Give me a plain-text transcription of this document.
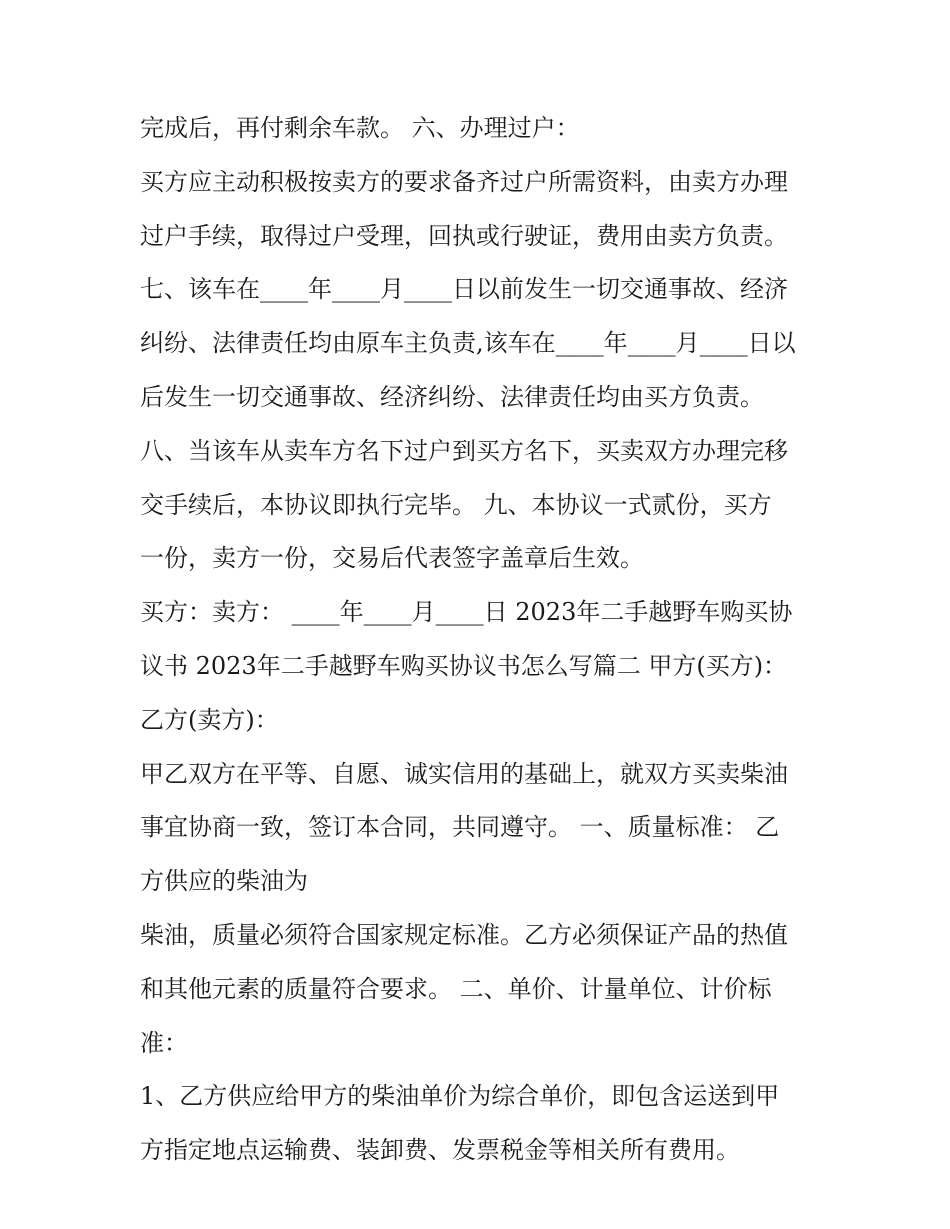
完成后，再付剩余车款。 六、办理过户：
买方应主动积极按卖方的要求备齐过户所需资料，由卖方办理
过户手续，取得过户受理，回执或行驶证，费用由卖方负责。
七、该车在____年____月____日以前发生一切交通事故、经济
纠纷、法律责任均由原车主负责,该车在____年____月____日以
后发生一切交通事故、经济纠纷、法律责任均由买方负责。
八、当该车从卖车方名下过户到买方名下，买卖双方办理完移
交手续后，本协议即执行完毕。 九、本协议一式贰份，买方
一份，卖方一份，交易后代表签字盖章后生效。
买方：卖方： ____年____月____日 2023年二手越野车购买协
议书 2023年二手越野车购买协议书怎么写篇二 甲方(买方)：
乙方(卖方)：
甲乙双方在平等、自愿、诚实信用的基础上，就双方买卖柴油
事宜协商一致，签订本合同，共同遵守。 一、质量标准： 乙
方供应的柴油为
柴油，质量必须符合国家规定标准。乙方必须保证产品的热值
和其他元素的质量符合要求。 二、单价、计量单位、计价标
准：
1、乙方供应给甲方的柴油单价为综合单价，即包含运送到甲
方指定地点运输费、装卸费、发票税金等相关所有费用。
